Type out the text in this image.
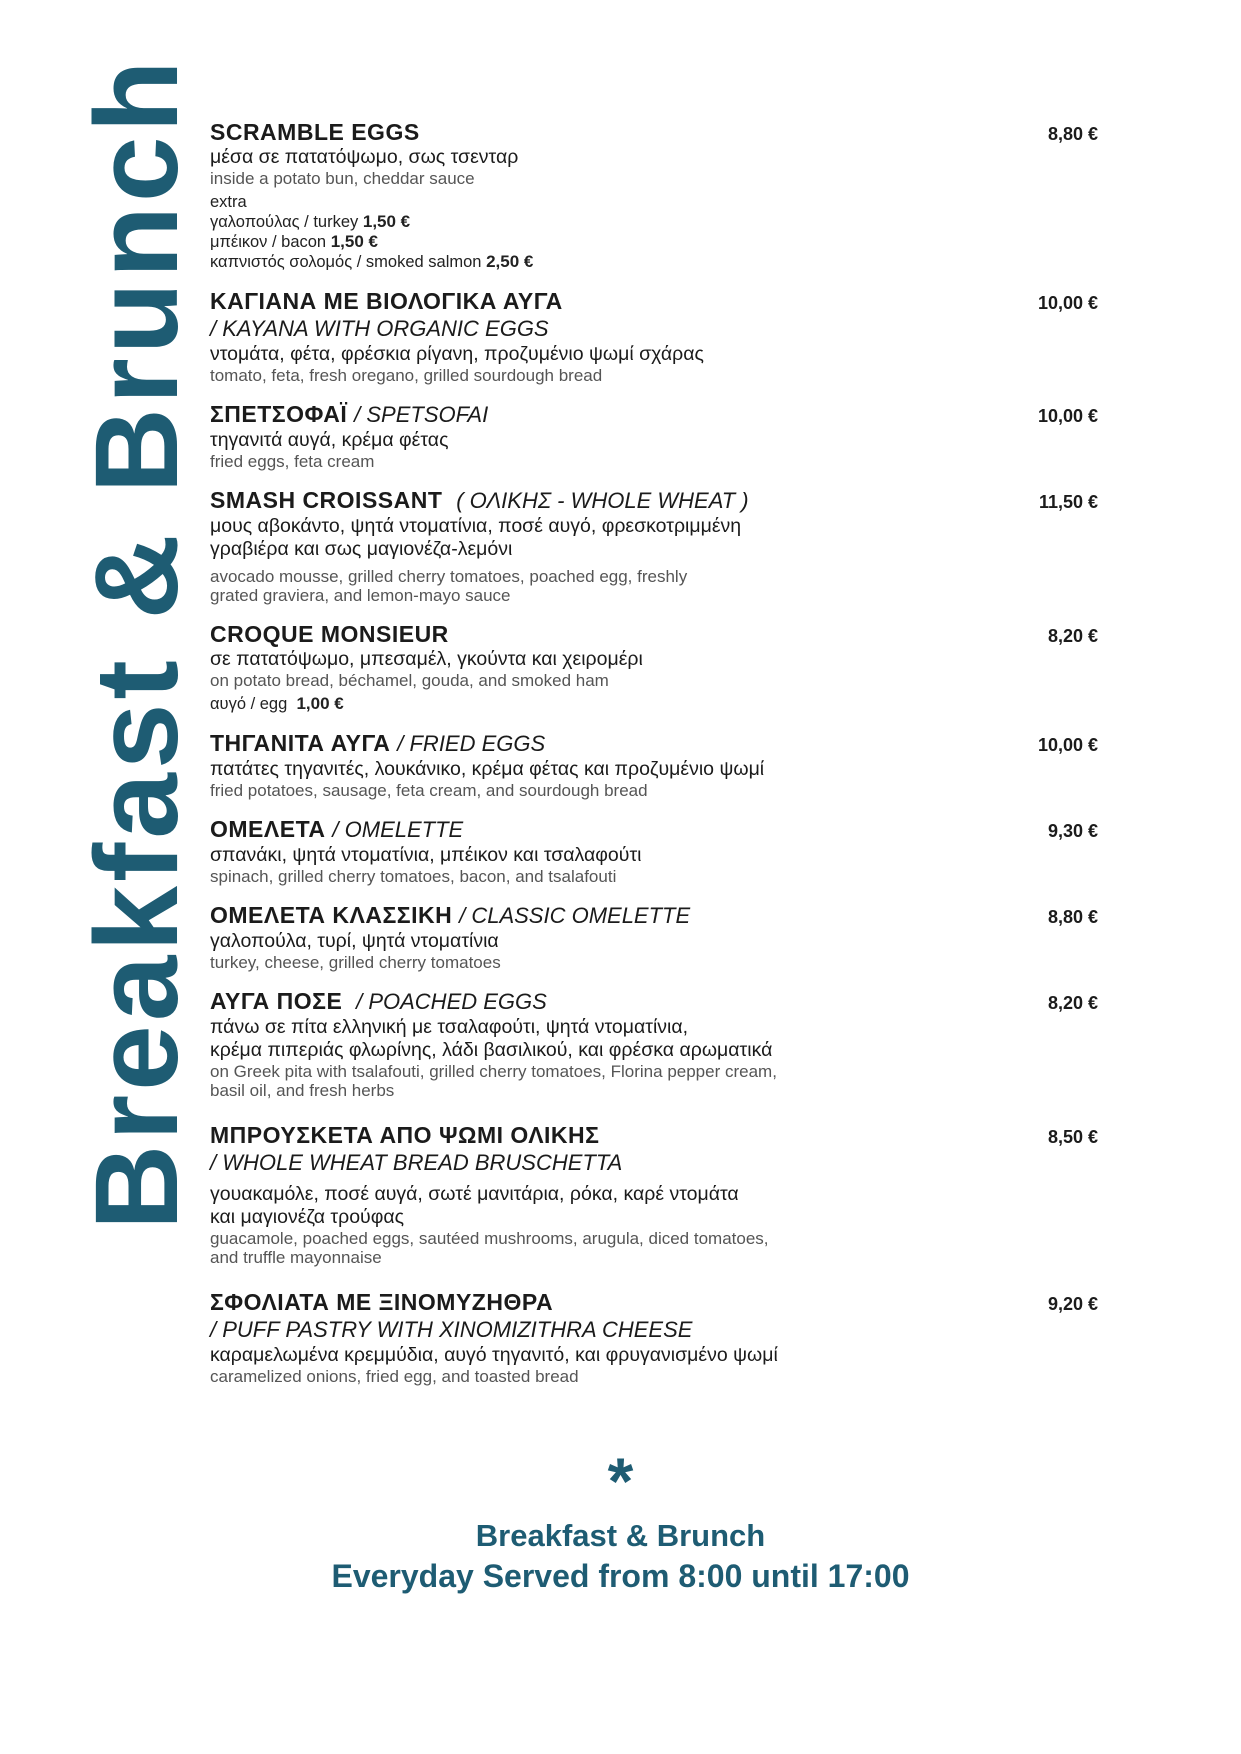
Breakfast & Brunch	8,80 €

SCRAMBLE EGGS

μέσα σε πατατόψωμο, σως τσενταρ

inside a potato bun, cheddar sauce

extra
γαλοπούλας / turkey 1,50 €
μπέικον / bacon 1,50 €
καπνιστός σολομός / smoked salmon 2,50 €
10,00 €

ΚΑΓΙΑΝΑ ΜΕ ΒΙΟΛΟΓΙΚΑ ΑΥΓΑ

/ KAYANA WITH ORGANIC EGGS

ντομάτα, φέτα, φρέσκια ρίγανη, προζυμένιο ψωμί σχάρας

tomato, feta, fresh oregano, grilled sourdough bread

10,00 €

ΣΠΕΤΣΟΦΑΪ / SPETSOFAI

τηγανιτά αυγά, κρέμα φέτας

fried eggs, feta cream

11,50 €

SMASH CROISSANT ( ΟΛΙΚΗΣ - WHOLE WHEAT )

μους αβοκάντο, ψητά ντοματίνια, ποσέ αυγό, φρεσκοτριμμένη

γραβιέρα και σως μαγιονέζα-λεμόνι

avocado mousse, grilled cherry tomatoes, poached egg, freshly

grated graviera, and lemon-mayo sauce

8,20 €

CROQUE MONSIEUR

σε πατατόψωμο, μπεσαμέλ, γκούντα και χειρομέρι

on potato bread, béchamel, gouda, and smoked ham

αυγό / egg 1,00 €
10,00 €

ΤΗΓΑΝΙΤΑ ΑΥΓΑ / FRIED EGGS

πατάτες τηγανιτές, λουκάνικο, κρέμα φέτας και προζυμένιο ψωμί

fried potatoes, sausage, feta cream, and sourdough bread

9,30 €

ΟΜΕΛΕΤΑ / OMELETTE

σπανάκι, ψητά ντοματίνια, μπέικον και τσαλαφούτι

spinach, grilled cherry tomatoes, bacon, and tsalafouti

8,80 €

ΟΜΕΛΕΤΑ ΚΛΑΣΣΙΚΗ / CLASSIC OMELETTE

γαλοπούλα, τυρί, ψητά ντοματίνια

turkey, cheese, grilled cherry tomatoes

8,20 €

ΑΥΓΑ ΠΟΣΕ / POACHED EGGS

πάνω σε πίτα ελληνική με τσαλαφούτι, ψητά ντοματίνια,

κρέμα πιπεριάς φλωρίνης, λάδι βασιλικού, και φρέσκα αρωματικά

on Greek pita with tsalafouti, grilled cherry tomatoes, Florina pepper cream,

basil oil, and fresh herbs

8,50 €

ΜΠΡΟΥΣΚΕΤΑ ΑΠΟ ΨΩΜΙ ΟΛΙΚΗΣ

/ WHOLE WHEAT BREAD BRUSCHETTA

γουακαμόλε, ποσέ αυγά, σωτέ μανιτάρια, ρόκα, καρέ ντομάτα

και μαγιονέζα τρούφας

guacamole, poached eggs, sautéed mushrooms, arugula, diced tomatoes,

and truffle mayonnaise

9,20 €

ΣΦΟΛΙΑΤΑ ΜΕ ΞΙΝΟΜΥΖΗΘΡΑ

/ PUFF PASTRY WITH XINOMIZITHRA CHEESE

καραμελωμένα κρεμμύδια, αυγό τηγανιτό, και φρυγανισμένο ψωμί

caramelized onions, fried egg, and toasted bread

*
Breakfast & Brunch
Everyday Served from 8:00 until 17:00
